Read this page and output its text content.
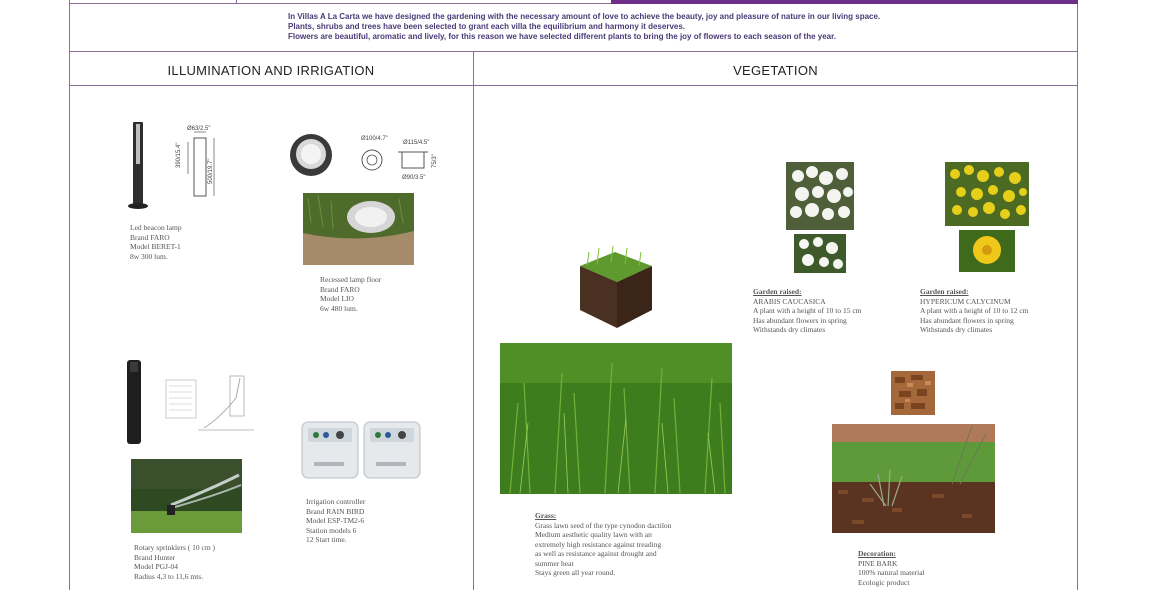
In Villas A La Carta we have designed the gardening with the necessary amount of love to achieve the beauty, joy and pleasure of nature in our living space.

Plants, shrubs and trees have been selected to grant each villa the equilibrium and harmony it deserves.

Flowers are beautiful, aromatic and lively, for this reason we have selected different plants to bring the joy of flowers to each season of the year.

ILLUMINATION AND IRRIGATION	VEGETATION
Ø63/2.5"
390/15.4"
500/19.7"
Led beacon lamp
Brand FARO
Model BERET-1
8w 300 lum.
Ø100/4.7"
Ø115/4.5"
Ø90/3.5"
75/3"
Recessed lamp floor
Brand FARO
Model LIO
6w 480 lum.
Rotary sprinklers ( 10 cm )
Brand Hunter
Model PGJ-04
Radius 4,3 to 11,6 mts.
Irrigation controller
Brand RAIN BIRD
Model ESP-TM2-6
Station models 6
12 Start time.
Grass:
Grass lawn seed of the type cynodon dactilon
Medium aesthetic quality lawn with an
extremely high resistance against treading
as well as resistance against drought and
summer heat
Stays green all year round.
Garden raised:
ARABIS CAUCASICA
A plant with a height of 10 to 15 cm
Has abundant flowers in spring
Withstands dry climates
Garden raised:
HYPERICUM CALYCINUM
A plant with a height of 10 to 12 cm
Has abundant flowers in spring
Withstands dry climates
Decoration:
PINE BARK
100% natural material
Ecologic product
